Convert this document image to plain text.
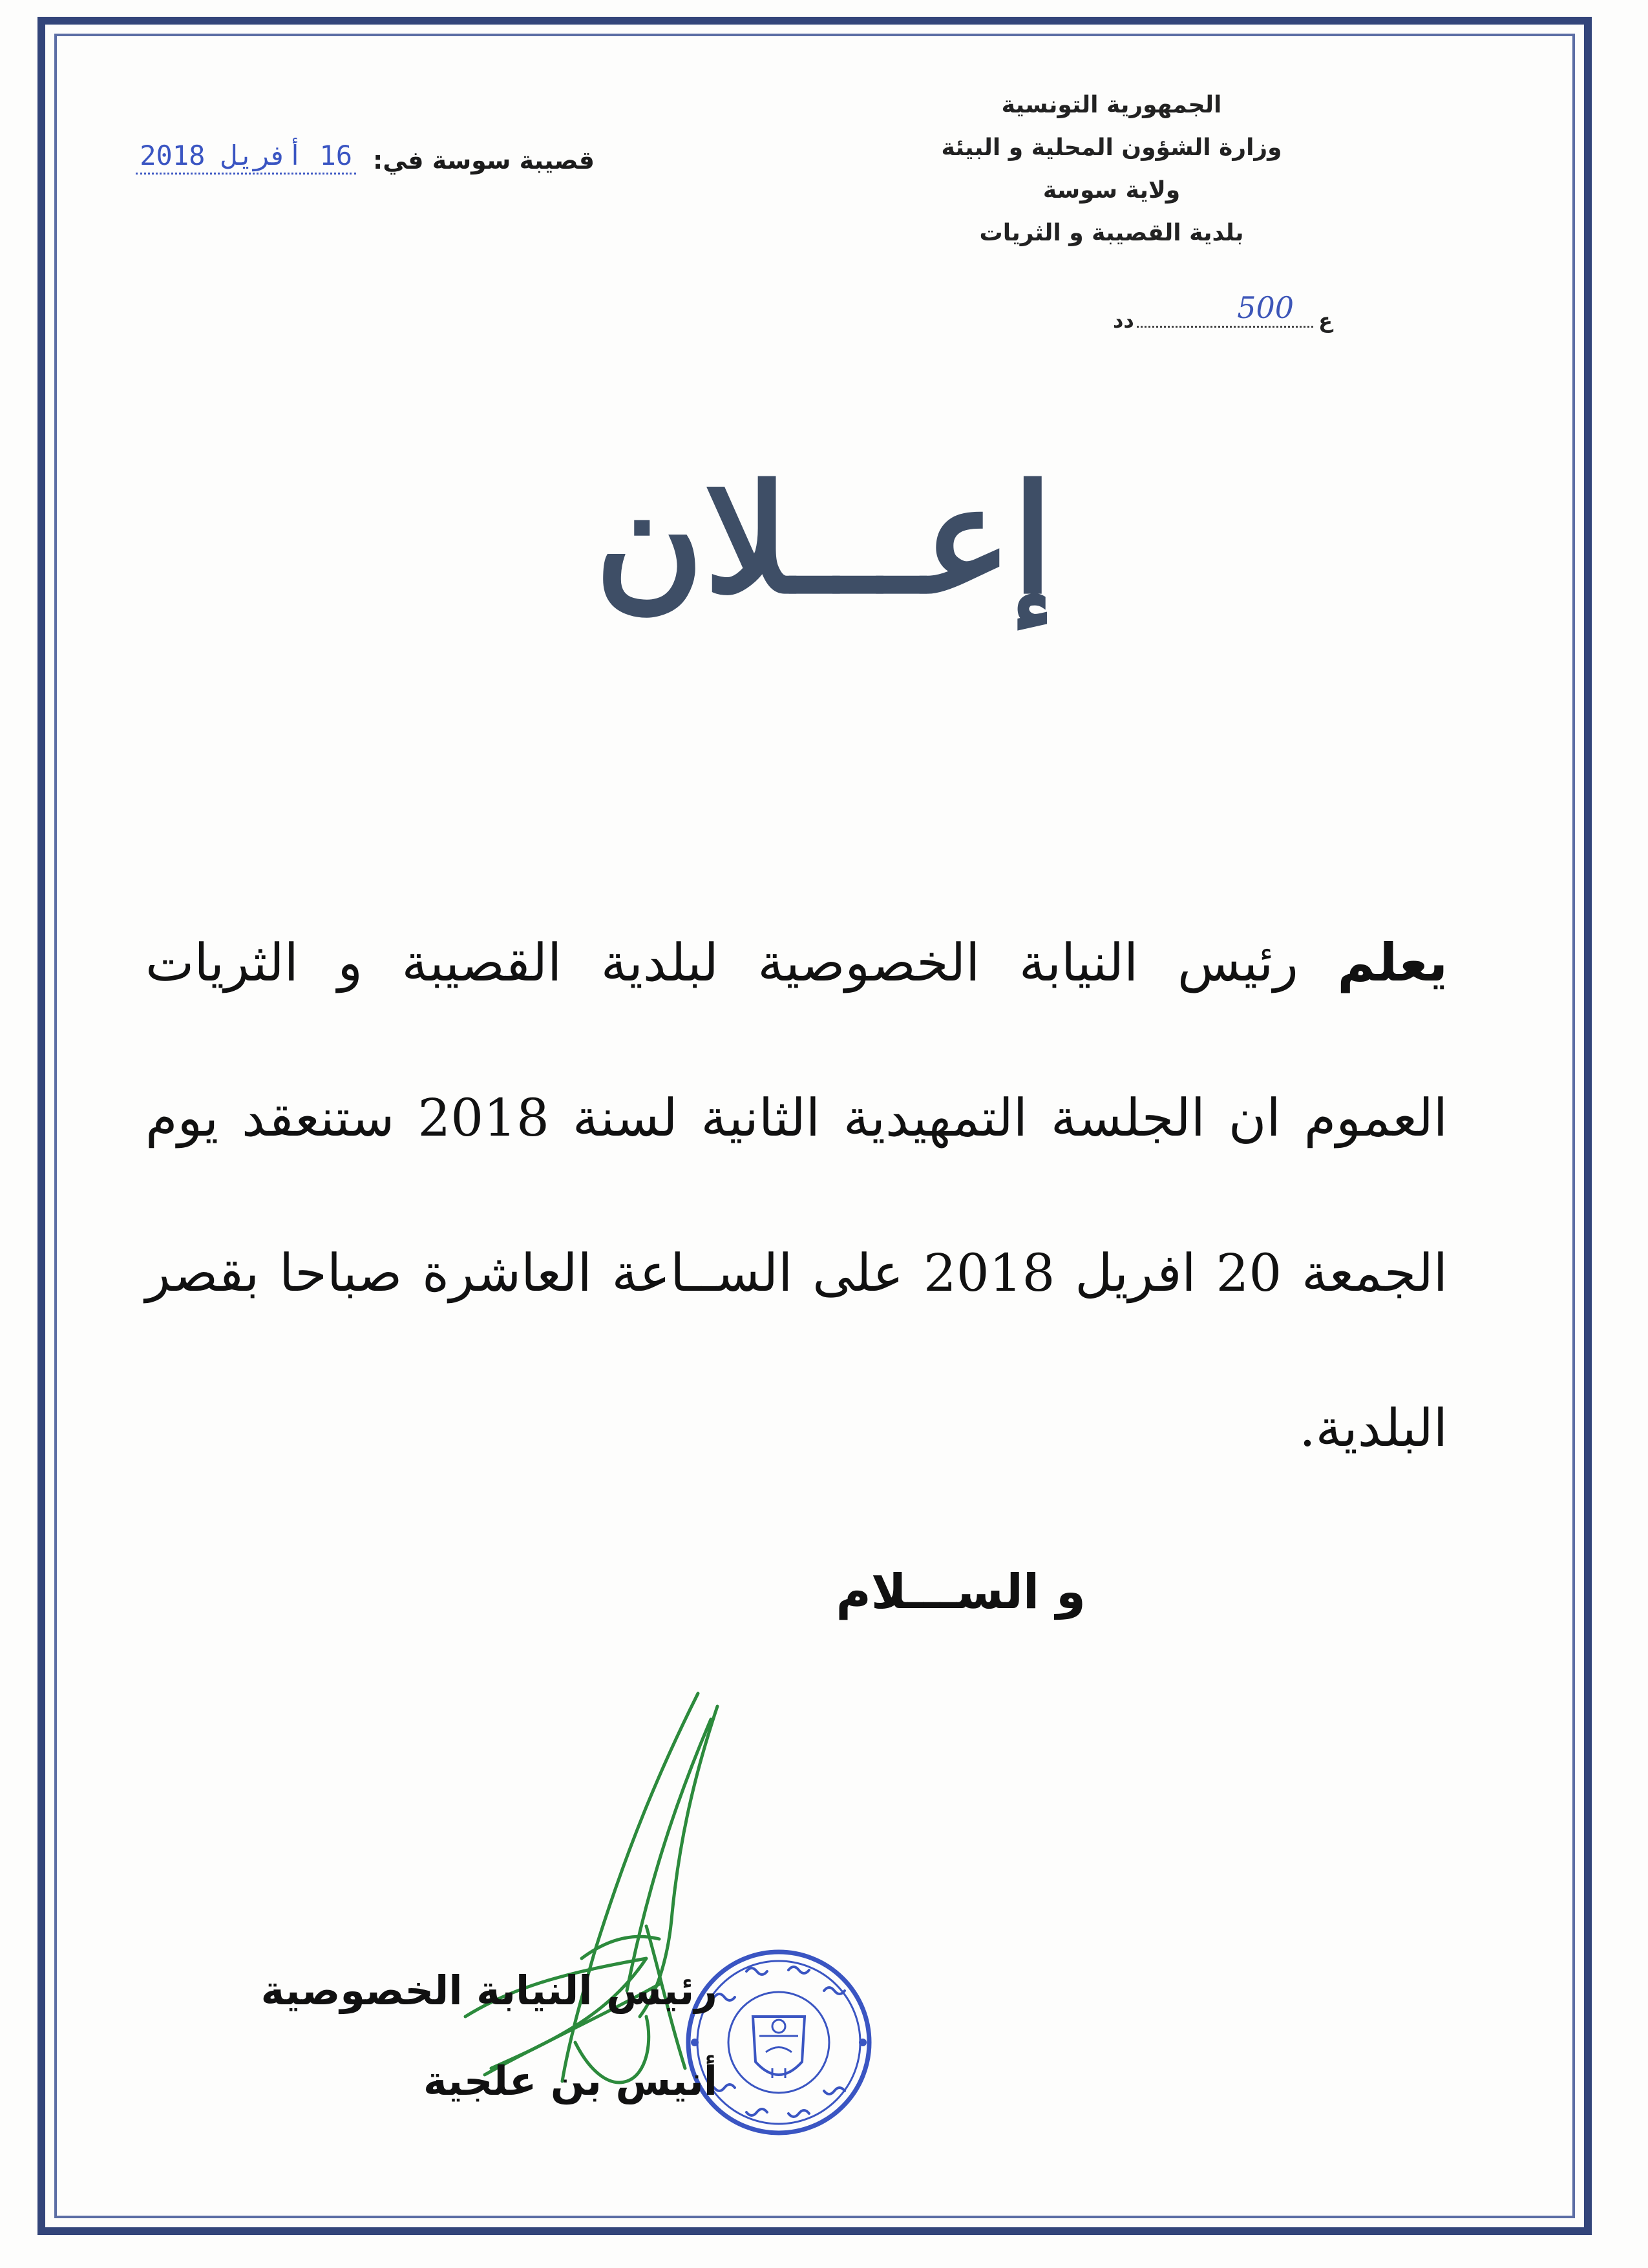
الجمهورية التونسية
وزارة الشؤون المحلية و البيئة
ولاية سوسة
بلدية القصيبة و الثريات
ع
دد	500
قصيبة سوسة في:
16 أفريل 2018
إعـــلان
يعلم رئيس النيابة الخصوصية لبلدية القصيبة و الثريات العموم ان الجلسة التمهيدية الثانية لسنة 2018 ستنعقد يوم الجمعة 20 افريل 2018 على الســاعة العاشرة صباحا بقصر البلدية.
و الســـلام
رئيس النيابة الخصوصية
أنيس بن علجية
